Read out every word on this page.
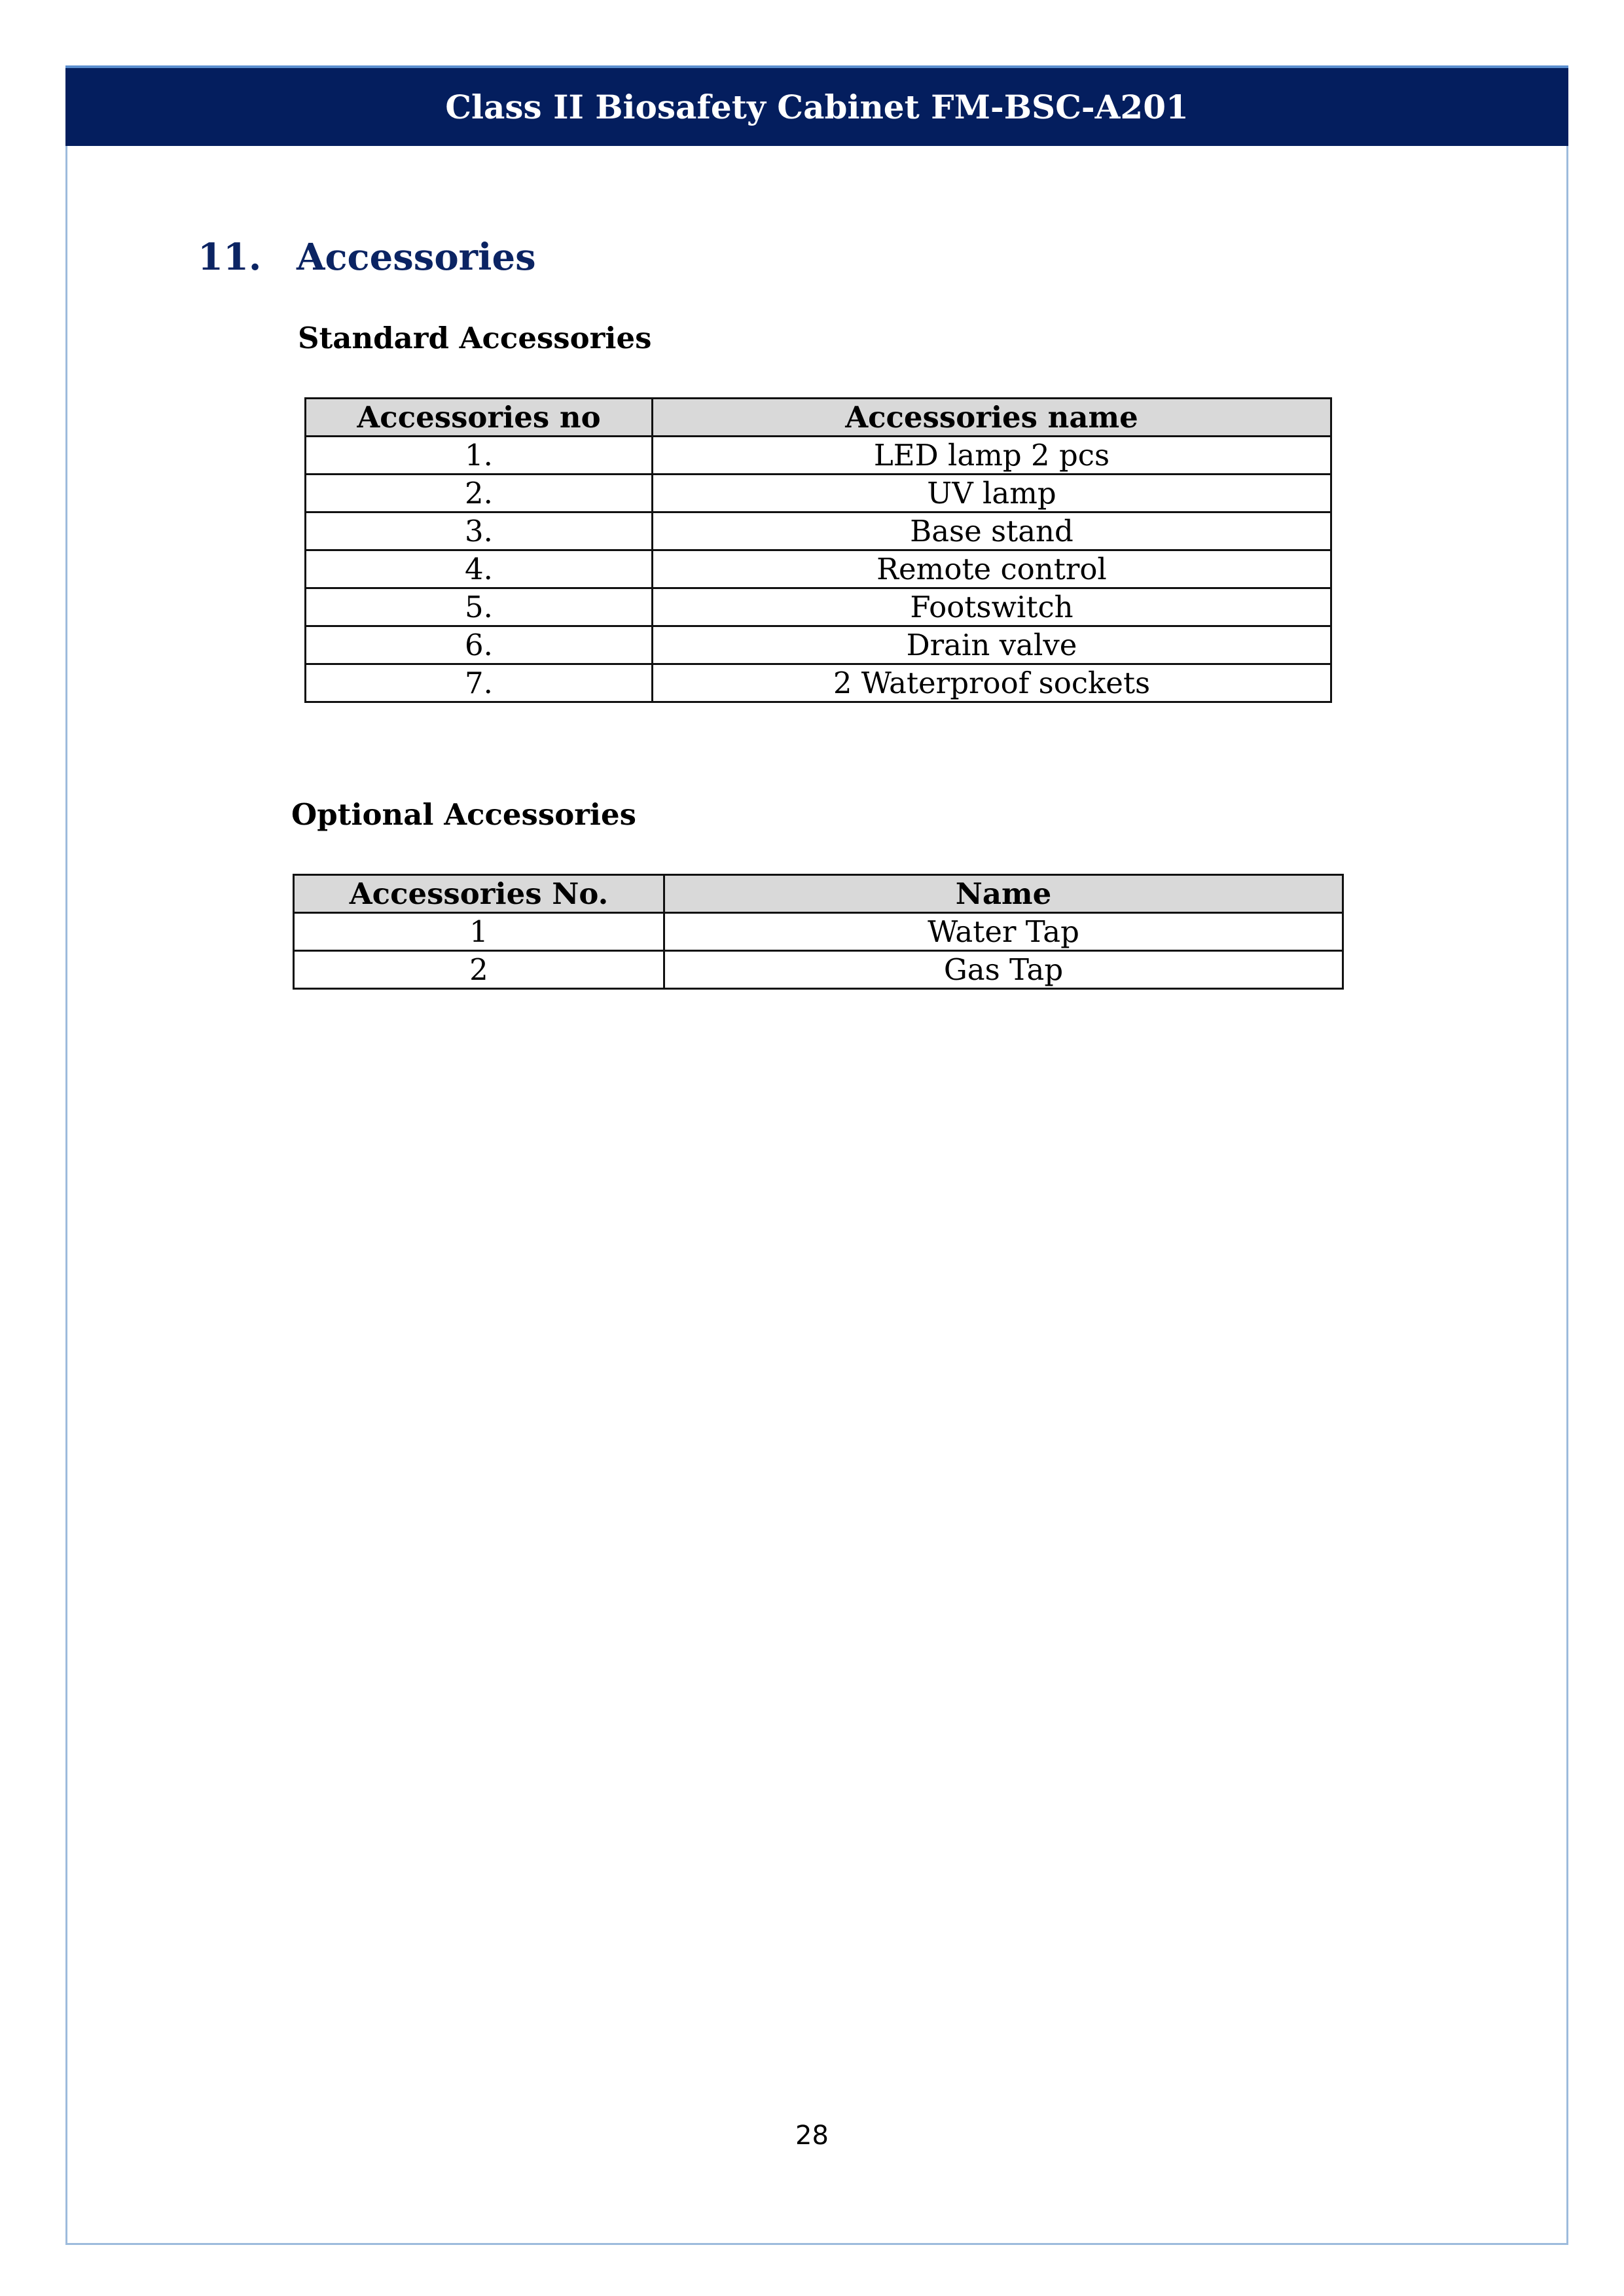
Class II Biosafety Cabinet FM-BSC-A201
11. Accessories
Standard Accessories
Accessories no	Accessories name
1.	LED lamp 2 pcs
2.	UV lamp
3.	Base stand
4.	Remote control
5.	Footswitch
6.	Drain valve
7.	2 Waterproof sockets
Optional Accessories
Accessories No.	Name
1	Water Tap
2	Gas Tap
28
